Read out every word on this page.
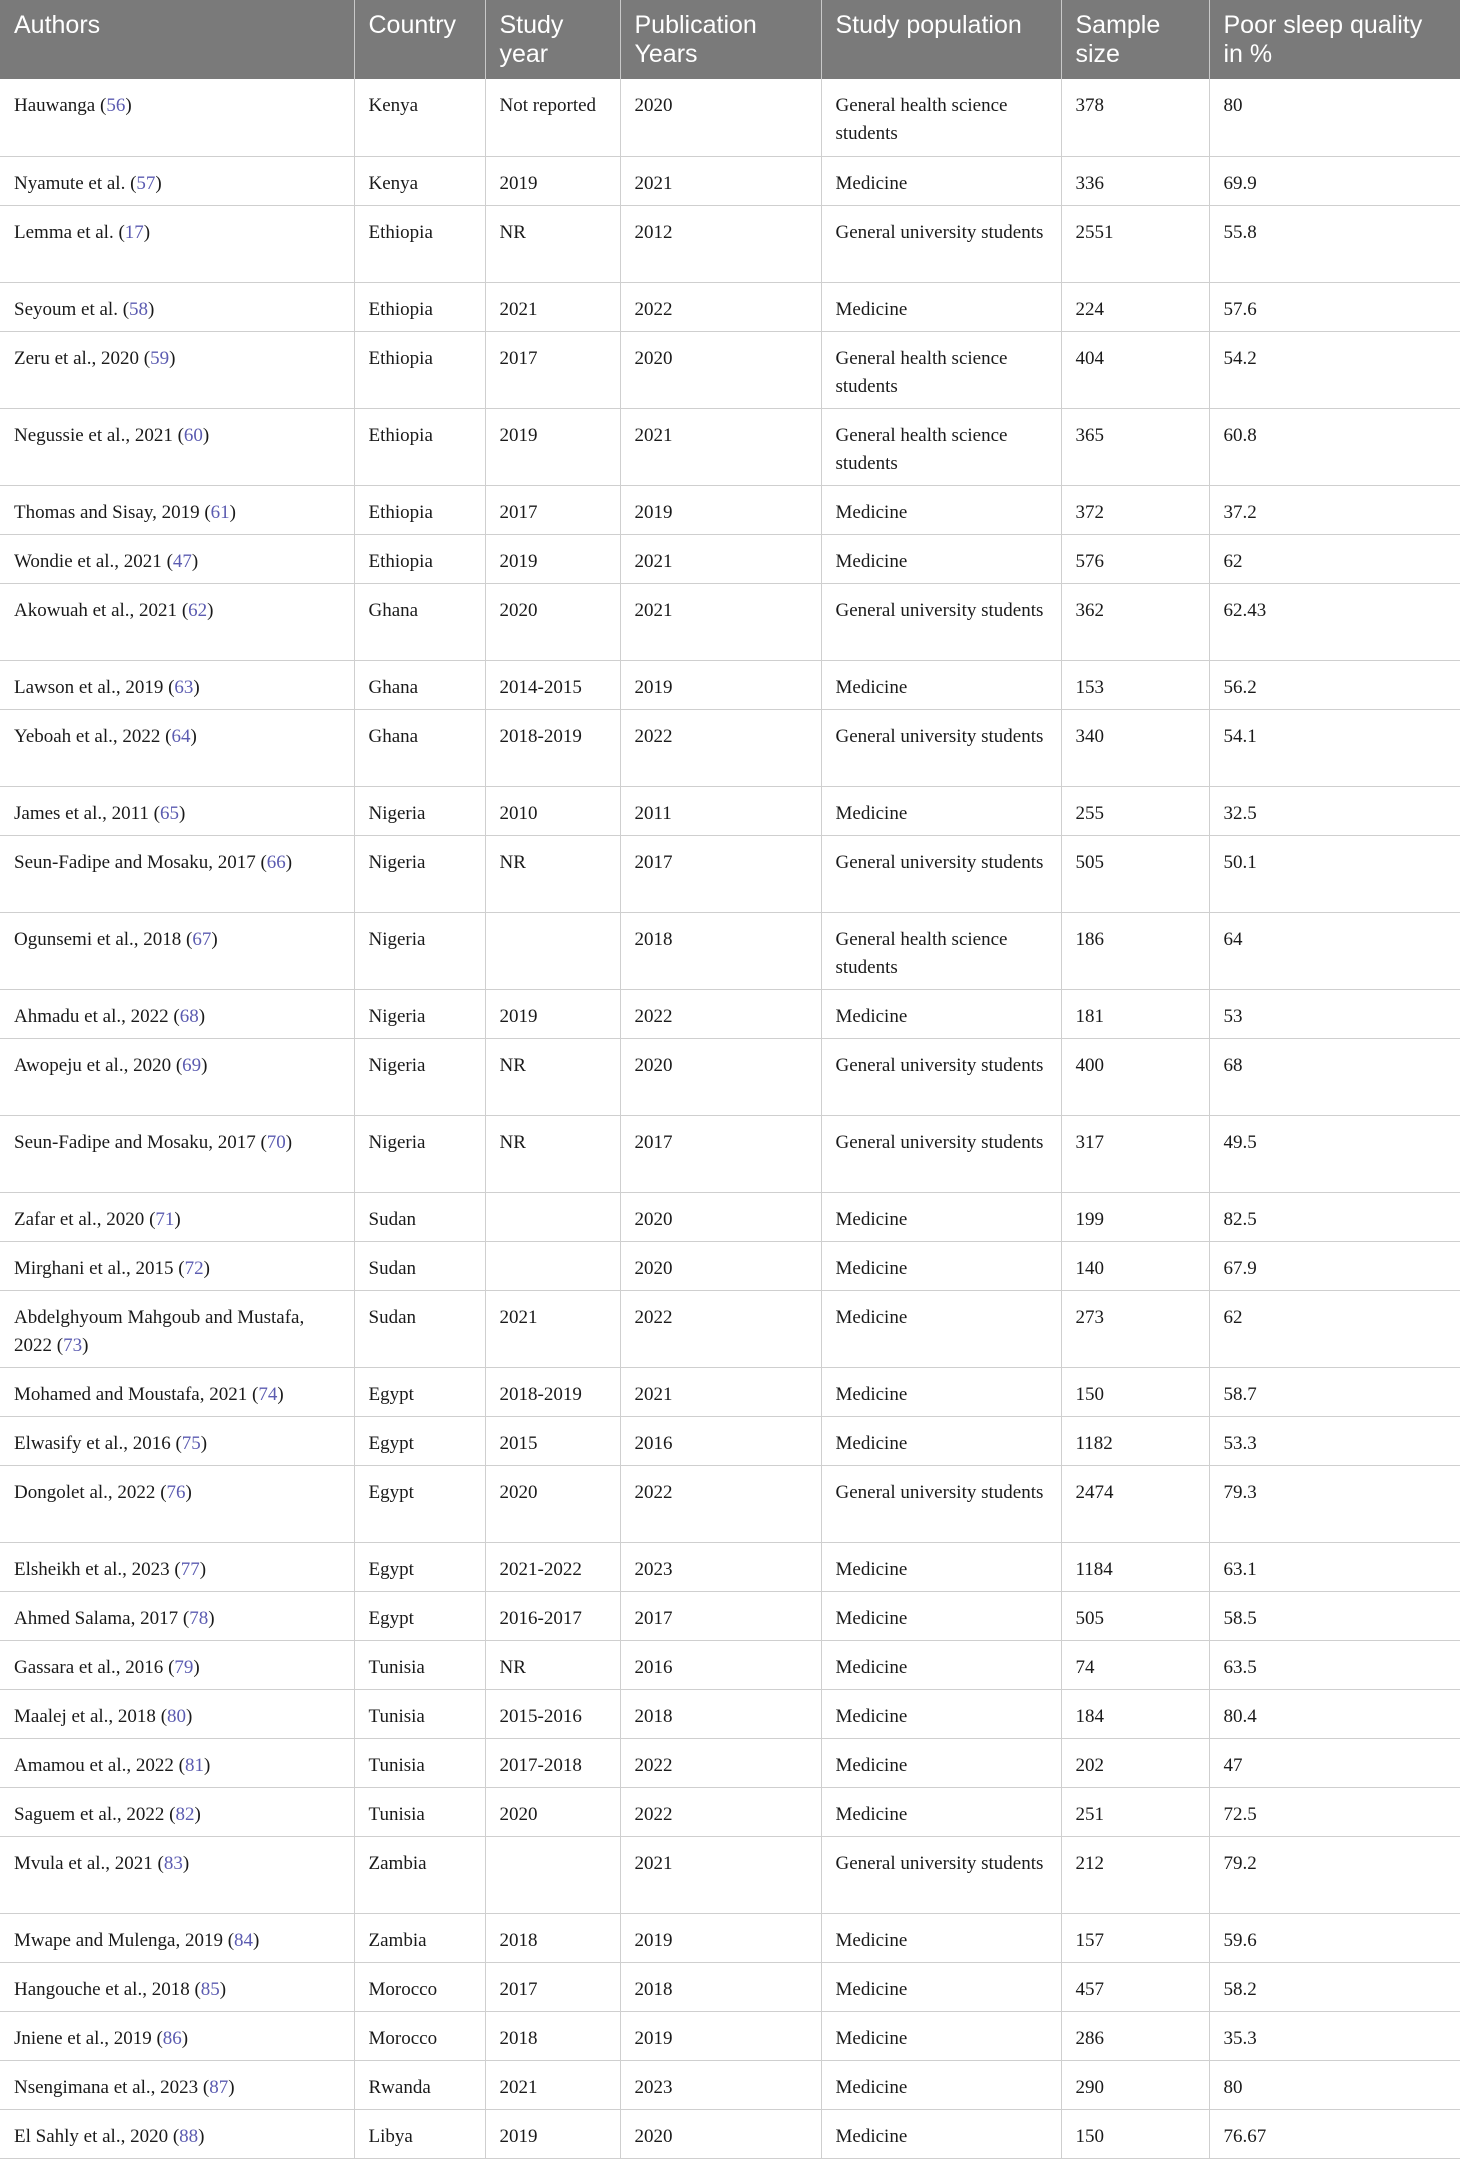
Authors	Country	Study year	Publication Years	Study population	Sample size	Poor sleep quality in %
Hauwanga (56)	Kenya	Not reported	2020	General health science students	378	80
Nyamute et al. (57)	Kenya	2019	2021	Medicine	336	69.9
Lemma et al. (17)	Ethiopia	NR	2012	General university students	2551	55.8
Seyoum et al. (58)	Ethiopia	2021	2022	Medicine	224	57.6
Zeru et al., 2020 (59)	Ethiopia	2017	2020	General health science students	404	54.2
Negussie et al., 2021 (60)	Ethiopia	2019	2021	General health science students	365	60.8
Thomas and Sisay, 2019 (61)	Ethiopia	2017	2019	Medicine	372	37.2
Wondie et al., 2021 (47)	Ethiopia	2019	2021	Medicine	576	62
Akowuah et al., 2021 (62)	Ghana	2020	2021	General university students	362	62.43
Lawson et al., 2019 (63)	Ghana	2014-2015	2019	Medicine	153	56.2
Yeboah et al., 2022 (64)	Ghana	2018-2019	2022	General university students	340	54.1
James et al., 2011 (65)	Nigeria	2010	2011	Medicine	255	32.5
Seun-Fadipe and Mosaku, 2017 (66)	Nigeria	NR	2017	General university students	505	50.1
Ogunsemi et al., 2018 (67)	Nigeria		2018	General health science students	186	64
Ahmadu et al., 2022 (68)	Nigeria	2019	2022	Medicine	181	53
Awopeju et al., 2020 (69)	Nigeria	NR	2020	General university students	400	68
Seun-Fadipe and Mosaku, 2017 (70)	Nigeria	NR	2017	General university students	317	49.5
Zafar et al., 2020 (71)	Sudan		2020	Medicine	199	82.5
Mirghani et al., 2015 (72)	Sudan		2020	Medicine	140	67.9
Abdelghyoum Mahgoub and Mustafa, 2022 (73)	Sudan	2021	2022	Medicine	273	62
Mohamed and Moustafa, 2021 (74)	Egypt	2018-2019	2021	Medicine	150	58.7
Elwasify et al., 2016 (75)	Egypt	2015	2016	Medicine	1182	53.3
Dongolet al., 2022 (76)	Egypt	2020	2022	General university students	2474	79.3
Elsheikh et al., 2023 (77)	Egypt	2021-2022	2023	Medicine	1184	63.1
Ahmed Salama, 2017 (78)	Egypt	2016-2017	2017	Medicine	505	58.5
Gassara et al., 2016 (79)	Tunisia	NR	2016	Medicine	74	63.5
Maalej et al., 2018 (80)	Tunisia	2015-2016	2018	Medicine	184	80.4
Amamou et al., 2022 (81)	Tunisia	2017-2018	2022	Medicine	202	47
Saguem et al., 2022 (82)	Tunisia	2020	2022	Medicine	251	72.5
Mvula et al., 2021 (83)	Zambia		2021	General university students	212	79.2
Mwape and Mulenga, 2019 (84)	Zambia	2018	2019	Medicine	157	59.6
Hangouche et al., 2018 (85)	Morocco	2017	2018	Medicine	457	58.2
Jniene et al., 2019 (86)	Morocco	2018	2019	Medicine	286	35.3
Nsengimana et al., 2023 (87)	Rwanda	2021	2023	Medicine	290	80
El Sahly et al., 2020 (88)	Libya	2019	2020	Medicine	150	76.67
